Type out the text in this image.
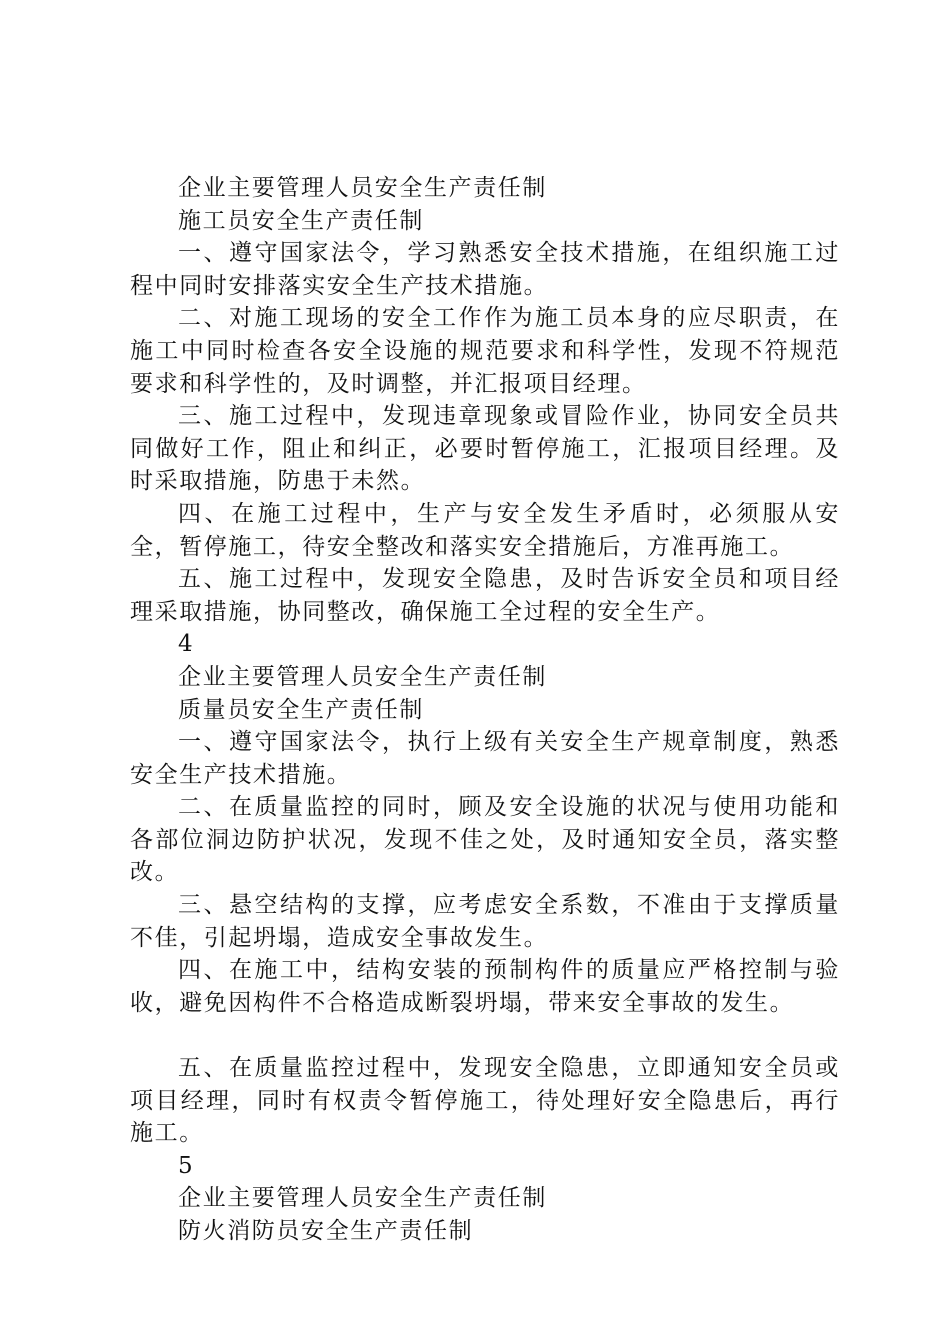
企业主要管理人员安全生产责任制

施工员安全生产责任制

一、遵守国家法令，学习熟悉安全技术措施，在组织施工过程中同时安排落实安全生产技术措施。

二、对施工现场的安全工作作为施工员本身的应尽职责，在施工中同时检查各安全设施的规范要求和科学性，发现不符规范要求和科学性的，及时调整，并汇报项目经理。

三、施工过程中，发现违章现象或冒险作业，协同安全员共同做好工作，阻止和纠正，必要时暂停施工，汇报项目经理。及时采取措施，防患于未然。

四、在施工过程中，生产与安全发生矛盾时，必须服从安全，暂停施工，待安全整改和落实安全措施后，方准再施工。

五、施工过程中，发现安全隐患，及时告诉安全员和项目经理采取措施，协同整改，确保施工全过程的安全生产。

4

企业主要管理人员安全生产责任制

质量员安全生产责任制

一、遵守国家法令，执行上级有关安全生产规章制度，熟悉安全生产技术措施。

二、在质量监控的同时，顾及安全设施的状况与使用功能和各部位洞边防护状况，发现不佳之处，及时通知安全员，落实整改。

三、悬空结构的支撑，应考虑安全系数，不准由于支撑质量不佳，引起坍塌，造成安全事故发生。

四、在施工中，结构安装的预制构件的质量应严格控制与验收，避免因构件不合格造成断裂坍塌，带来安全事故的发生。

五、在质量监控过程中，发现安全隐患，立即通知安全员或项目经理，同时有权责令暂停施工，待处理好安全隐患后，再行施工。

5

企业主要管理人员安全生产责任制

防火消防员安全生产责任制
